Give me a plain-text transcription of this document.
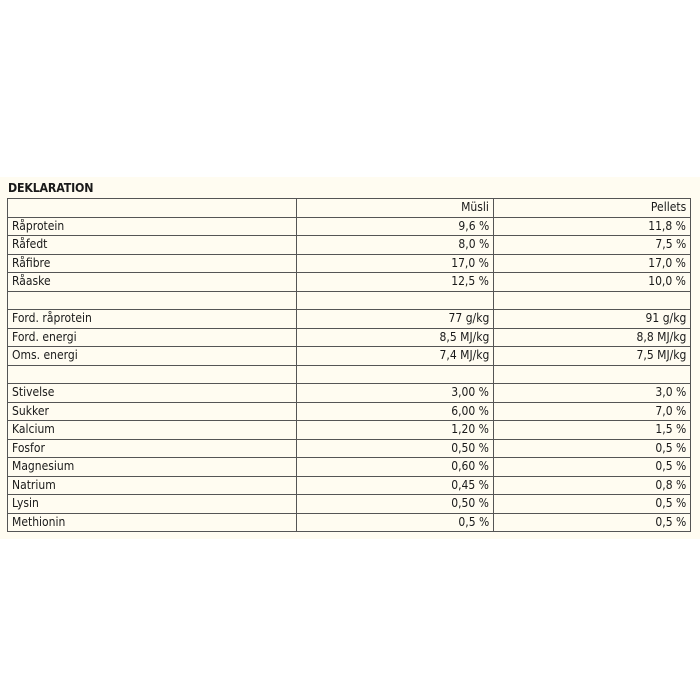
DEKLARATION
	Müsli	Pellets
Råprotein	9,6 %	11,8 %
Råfedt	8,0 %	7,5 %
Råfibre	17,0 %	17,0 %
Råaske	12,5 %	10,0 %

Ford. råprotein	77 g/kg	91 g/kg
Ford. energi	8,5 MJ/kg	8,8 MJ/kg
Oms. energi	7,4 MJ/kg	7,5 MJ/kg

Stivelse	3,00 %	3,0 %
Sukker	6,00 %	7,0 %
Kalcium	1,20 %	1,5 %
Fosfor	0,50 %	0,5 %
Magnesium	0,60 %	0,5 %
Natrium	0,45 %	0,8 %
Lysin	0,50 %	0,5 %
Methionin	0,5 %	0,5 %
